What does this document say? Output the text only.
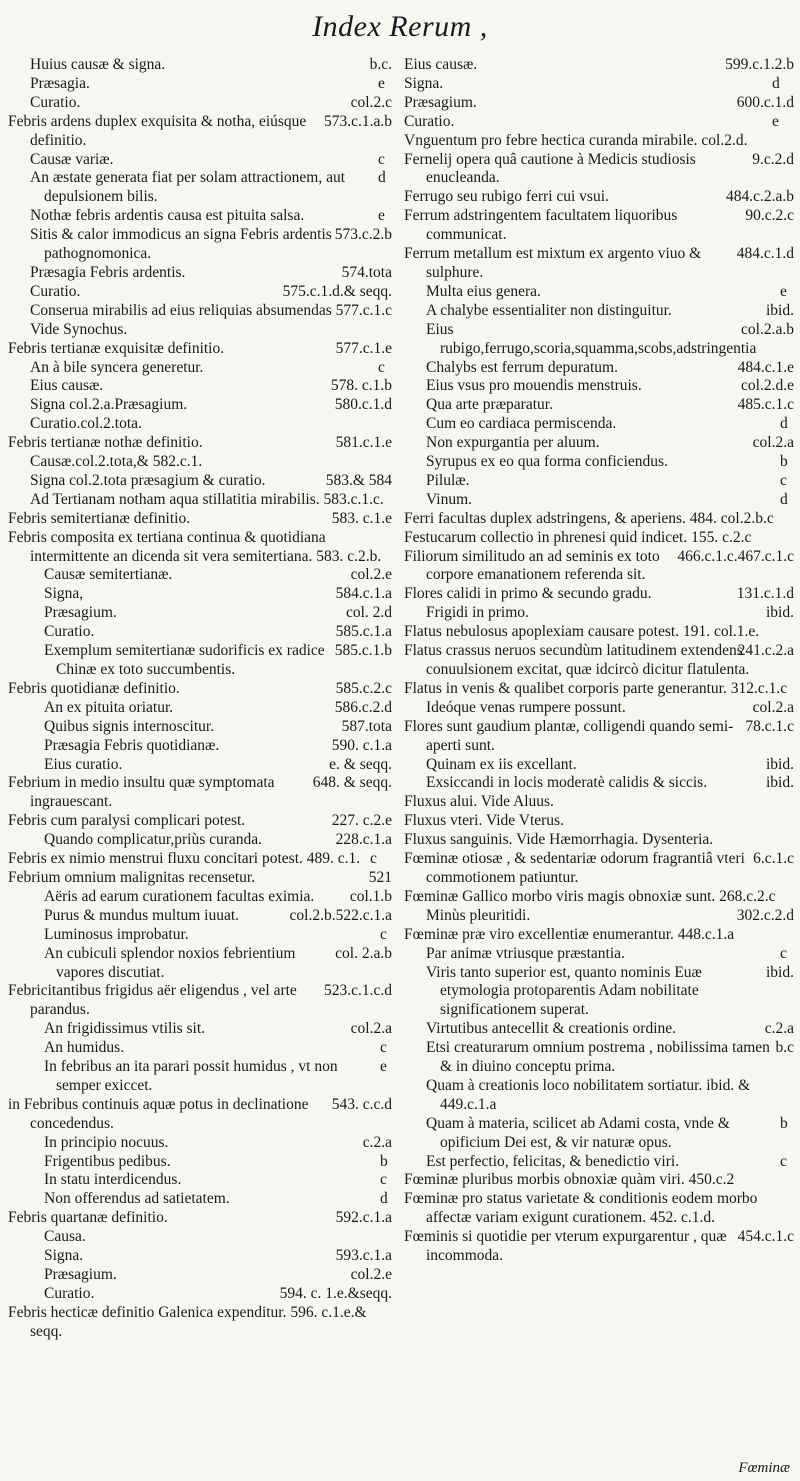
Index Rerum ,
b.c.
Huius causæ & signa.
e
Præsagia.
col.2.c
Curatio.
573.c.1.a.b
Febris ardens duplex exquisita & notha, eiúsque definitio.
c
Causæ variæ.
d
An æstate generata fiat per solam attractionem, aut depulsionem bilis.
e
Nothæ febris ardentis causa est pituita salsa.
573.c.2.b
Sitis & calor immodicus an signa Febris ardentis pathognomonica.
574.tota
Præsagia Febris ardentis.
575.c.1.d.& seqq.
Curatio.
Conserua mirabilis ad eius reliquias absumendas 577.c.1.c
Vide Synochus.
577.c.1.e
Febris tertianæ exquisitæ definitio.
c
An à bile syncera generetur.
578. c.1.b
Eius causæ.
580.c.1.d
Signa col.2.a.Præsagium.
Curatio.col.2.tota.
581.c.1.e
Febris tertianæ nothæ definitio.
Causæ.col.2.tota,& 582.c.1.
583.& 584
Signa col.2.tota præsagium & curatio.
Ad Tertianam notham aqua stillatitia mirabilis. 583.c.1.c.
583. c.1.e
Febris semitertianæ definitio.
Febris composita ex tertiana continua & quotidiana intermittente an dicenda sit vera semitertiana. 583. c.2.b.
col.2.e
Causæ semitertianæ.
584.c.1.a
Signa,
col. 2.d
Præsagium.
585.c.1.a
Curatio.
585.c.1.b
Exemplum semitertianæ sudorificis ex radice Chinæ ex toto succumbentis.
585.c.2.c
Febris quotidianæ definitio.
586.c.2.d
An ex pituita oriatur.
587.tota
Quibus signis internoscitur.
590. c.1.a
Præsagia Febris quotidianæ.
e. & seqq.
Eius curatio.
648. & seqq.
Febrium in medio insultu quæ symptomata ingrauescant.
227. c.2.e
Febris cum paralysi complicari potest.
228.c.1.a
Quando complicatur,priùs curanda.
c
Febris ex nimio menstrui fluxu concitari potest. 489. c.1.
521
Febrium omnium malignitas recensetur.
col.1.b
Aëris ad earum curationem facultas eximia.
col.2.b.522.c.1.a
Purus & mundus multum iuuat.
c
Luminosus improbatur.
col. 2.a.b
An cubiculi splendor noxios febrientium vapores discutiat.
523.c.1.c.d
Febricitantibus frigidus aër eligendus , vel arte parandus.
col.2.a
An frigidissimus vtilis sit.
c
An humidus.
e
In febribus an ita parari possit humidus , vt non semper exiccet.
543. c.c.d
in Febribus continuis aquæ potus in declinatione concedendus.
c.2.a
In principio nocuus.
b
Frigentibus pedibus.
c
In statu interdicendus.
d
Non offerendus ad satietatem.
592.c.1.a
Febris quartanæ definitio.
Causa.
593.c.1.a
Signa.
col.2.e
Præsagium.
594. c. 1.e.&seqq.
Curatio.
Febris hecticæ definitio Galenica expenditur. 596. c.1.e.& seqq.
599.c.1.2.b
Eius causæ.
d
Signa.
600.c.1.d
Præsagium.
e
Curatio.
Vnguentum pro febre hectica curanda mirabile. col.2.d.
9.c.2.d
Fernelij opera quâ cautione à Medicis studiosis enucleanda.
484.c.2.a.b
Ferrugo seu rubigo ferri cui vsui.
90.c.2.c
Ferrum adstringentem facultatem liquoribus communicat.
484.c.1.d
Ferrum metallum est mixtum ex argento viuo & sulphure.
e
Multa eius genera.
ibid.
A chalybe essentialiter non distinguitur.
col.2.a.b
Eius rubigo,ferrugo,scoria,squamma,scobs,adstringentia
484.c.1.e
Chalybs est ferrum depuratum.
col.2.d.e
Eius vsus pro mouendis menstruis.
485.c.1.c
Qua arte præparatur.
d
Cum eo cardiaca permiscenda.
col.2.a
Non expurgantia per aluum.
b
Syrupus ex eo qua forma conficiendus.
c
Pilulæ.
d
Vinum.
Ferri facultas duplex adstringens, & aperiens. 484. col.2.b.c
Festucarum collectio in phrenesi quid indicet. 155. c.2.c
466.c.1.c.467.c.1.c
Filiorum similitudo an ad seminis ex toto corpore emanationem referenda sit.
131.c.1.d
Flores calidi in primo & secundo gradu.
ibid.
Frigidi in primo.
Flatus nebulosus apoplexiam causare potest. 191. col.1.e.
241.c.2.a
Flatus crassus neruos secundùm latitudinem extendens conuulsionem excitat, quæ idcircò dicitur flatulenta.
Flatus in venis & qualibet corporis parte generantur. 312.c.1.c
col.2.a
Ideóque venas rumpere possunt.
78.c.1.c
Flores sunt gaudium plantæ, colligendi quando semi-aperti sunt.
ibid.
Quinam ex iis excellant.
ibid.
Exsiccandi in locis moderatè calidis & siccis.
Fluxus alui. Vide Aluus.
Fluxus vteri. Vide Vterus.
Fluxus sanguinis. Vide Hæmorrhagia. Dysenteria.
6.c.1.c
Fœminæ otiosæ , & sedentariæ odorum fragrantiâ vteri commotionem patiuntur.
Fœminæ Gallico morbo viris magis obnoxiæ sunt. 268.c.2.c
302.c.2.d
Minùs pleuritidi.
Fœminæ præ viro excellentiæ enumerantur. 448.c.1.a
c
Par animæ vtriusque præstantia.
ibid.
Viris tanto superior est, quanto nominis Euæ etymologia protoparentis Adam nobilitate significationem superat.
c.2.a
Virtutibus antecellit & creationis ordine.
b.c
Etsi creaturarum omnium postrema , nobilissima tamen & in diuino conceptu prima.
Quam à creationis loco nobilitatem sortiatur. ibid. & 449.c.1.a
b
Quam à materia, scilicet ab Adami costa, vnde & opificium Dei est, & vir naturæ opus.
c
Est perfectio, felicitas, & benedictio viri.
Fœminæ pluribus morbis obnoxiæ quàm viri. 450.c.2
Fœminæ pro status varietate & conditionis eodem morbo affectæ variam exigunt curationem. 452. c.1.d.
454.c.1.c
Fœminis si quotidie per vterum expurgarentur , quæ incommoda.
Fœminæ
